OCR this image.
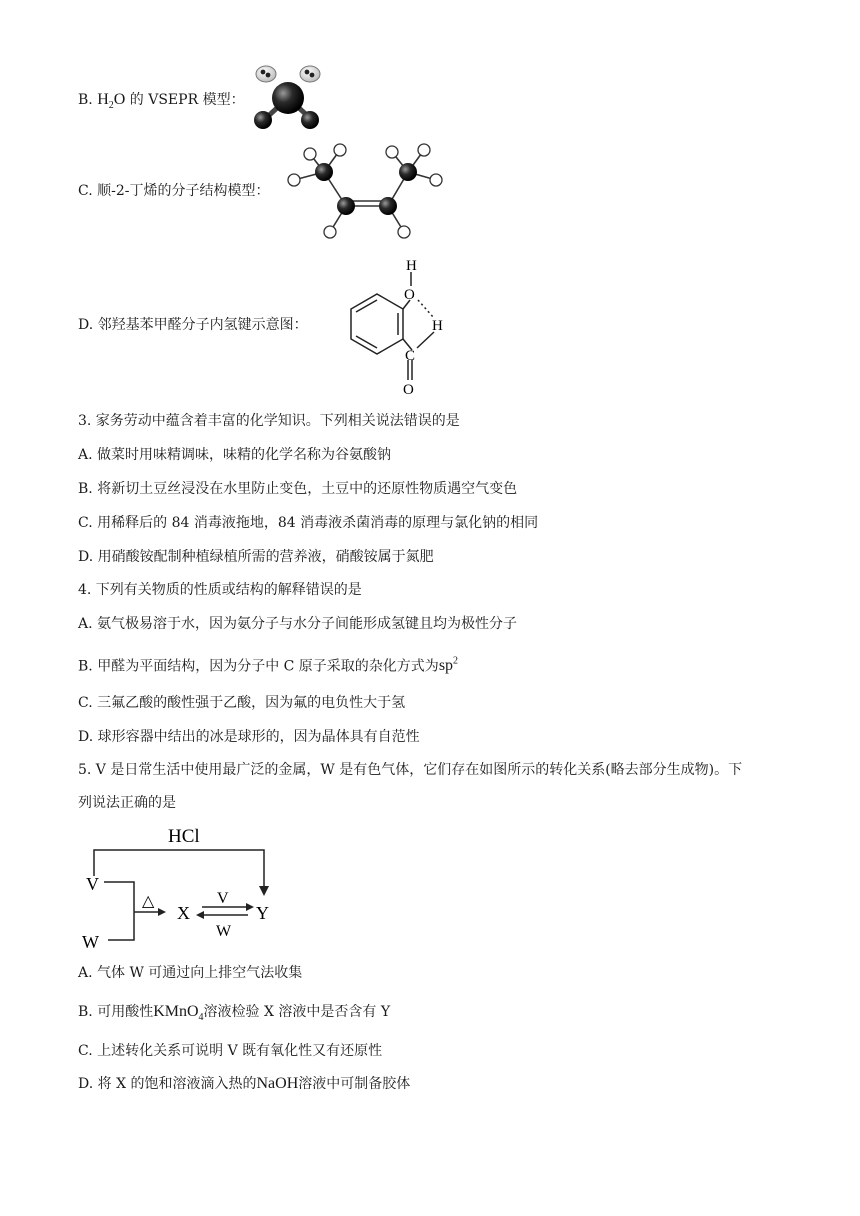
B. $H_2O$ 的 VSEPR 模型：
C. 顺-2-丁烯的分子结构模型：
D. 邻羟基苯甲醛分子内氢键示意图：
H
O
H
C
O
3. 家务劳动中蕴含着丰富的化学知识。下列相关说法错误的是
A. 做菜时用味精调味，味精的化学名称为谷氨酸钠
B. 将新切土豆丝浸没在水里防止变色，土豆中的还原性物质遇空气变色
C. 用稀释后的 84 消毒液拖地，84 消毒液杀菌消毒的原理与氯化钠的相同
D. 用硝酸铵配制种植绿植所需的营养液，硝酸铵属于氮肥
4. 下列有关物质的性质或结构的解释错误的是
A. 氨气极易溶于水，因为氨分子与水分子间能形成氢键且均为极性分子
B. 甲醛为平面结构，因为分子中 C 原子采取的杂化方式为$sp^2$
C. 三氟乙酸的酸性强于乙酸，因为氟的电负性大于氢
D. 球形容器中结出的冰是球形的，因为晶体具有自范性
5. V 是日常生活中使用最广泛的金属，W 是有色气体，它们存在如图所示的转化关系(略去部分生成物)。下
列说法正确的是
HCl
V
W
△
X	Y
V
W
A. 气体 W 可通过向上排空气法收集
B. 可用酸性KMnO$_4$溶液检验 X 溶液中是否含有 Y
C. 上述转化关系可说明 V 既有氧化性又有还原性
D. 将 X 的饱和溶液滴入热的NaOH溶液中可制备胶体
